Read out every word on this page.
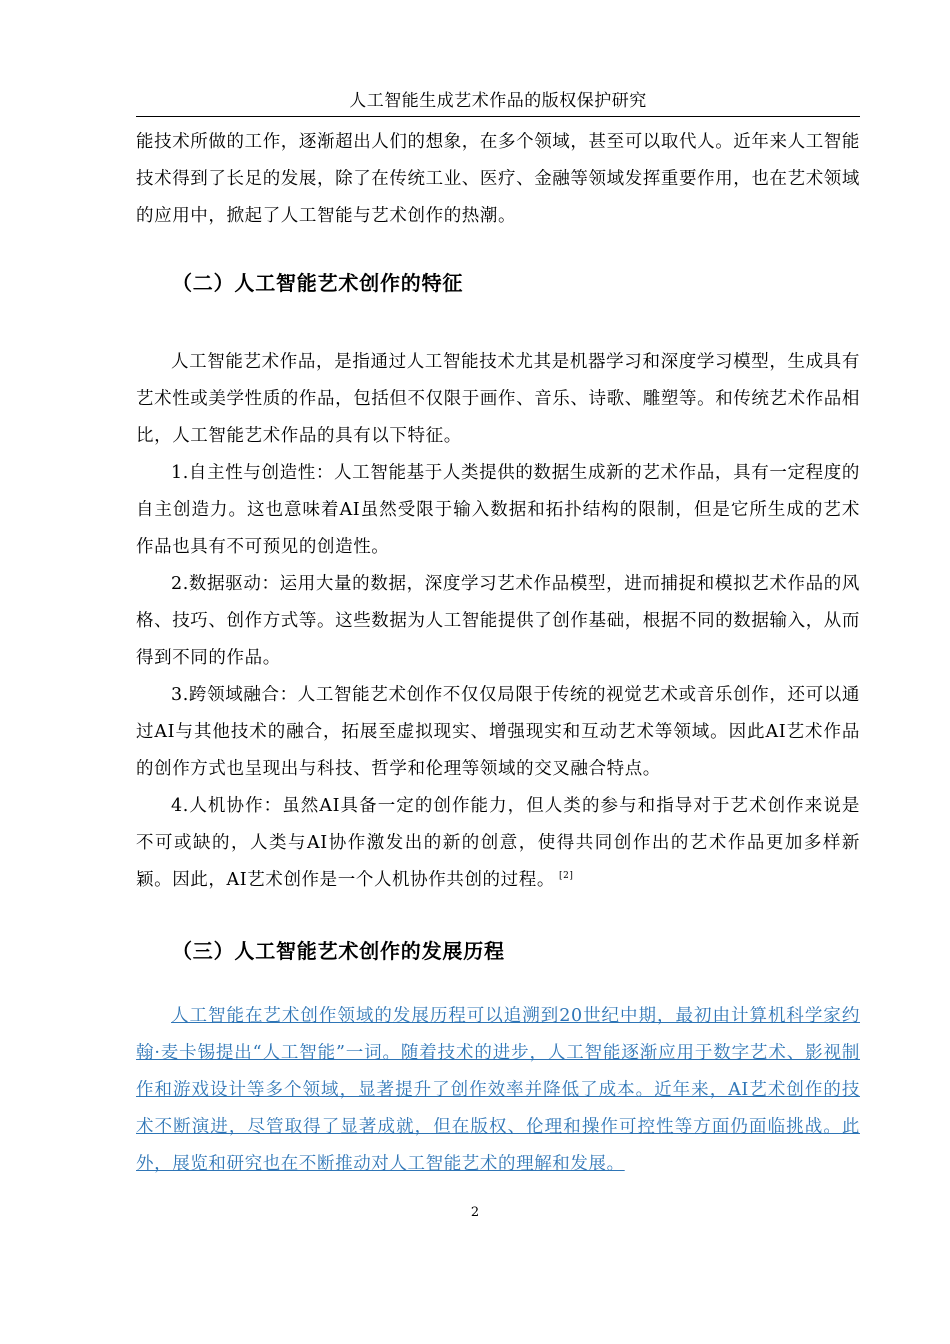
人工智能生成艺术作品的版权保护研究

能技术所做的工作，逐渐超出人们的想象，在多个领域，甚至可以取代人。近年来人工智能技术得到了长足的发展，除了在传统工业、医疗、金融等领域发挥重要作用，也在艺术领域的应用中，掀起了人工智能与艺术创作的热潮。

（二）人工智能艺术创作的特征

人工智能艺术作品，是指通过人工智能技术尤其是机器学习和深度学习模型，生成具有艺术性或美学性质的作品，包括但不仅限于画作、音乐、诗歌、雕塑等。和传统艺术作品相比，人工智能艺术作品的具有以下特征。

1.自主性与创造性：人工智能基于人类提供的数据生成新的艺术作品，具有一定程度的自主创造力。这也意味着AI虽然受限于输入数据和拓扑结构的限制，但是它所生成的艺术作品也具有不可预见的创造性。

2.数据驱动：运用大量的数据，深度学习艺术作品模型，进而捕捉和模拟艺术作品的风格、技巧、创作方式等。这些数据为人工智能提供了创作基础，根据不同的数据输入，从而得到不同的作品。

3.跨领域融合：人工智能艺术创作不仅仅局限于传统的视觉艺术或音乐创作，还可以通过AI与其他技术的融合，拓展至虚拟现实、增强现实和互动艺术等领域。因此AI艺术作品的创作方式也呈现出与科技、哲学和伦理等领域的交叉融合特点。

4.人机协作：虽然AI具备一定的创作能力，但人类的参与和指导对于艺术创作来说是不可或缺的，人类与AI协作激发出的新的创意，使得共同创作出的艺术作品更加多样新颖。因此，AI艺术创作是一个人机协作共创的过程。 [2]

（三）人工智能艺术创作的发展历程

人工智能在艺术创作领域的发展历程可以追溯到20世纪中期，最初由计算机科学家约翰·麦卡锡提出“人工智能”一词。随着技术的进步，人工智能逐渐应用于数字艺术、影视制作和游戏设计等多个领域，显著提升了创作效率并降低了成本。近年来，AI艺术创作的技术不断演进，尽管取得了显著成就，但在版权、伦理和操作可控性等方面仍面临挑战。此外，展览和研究也在不断推动对人工智能艺术的理解和发展。

2
